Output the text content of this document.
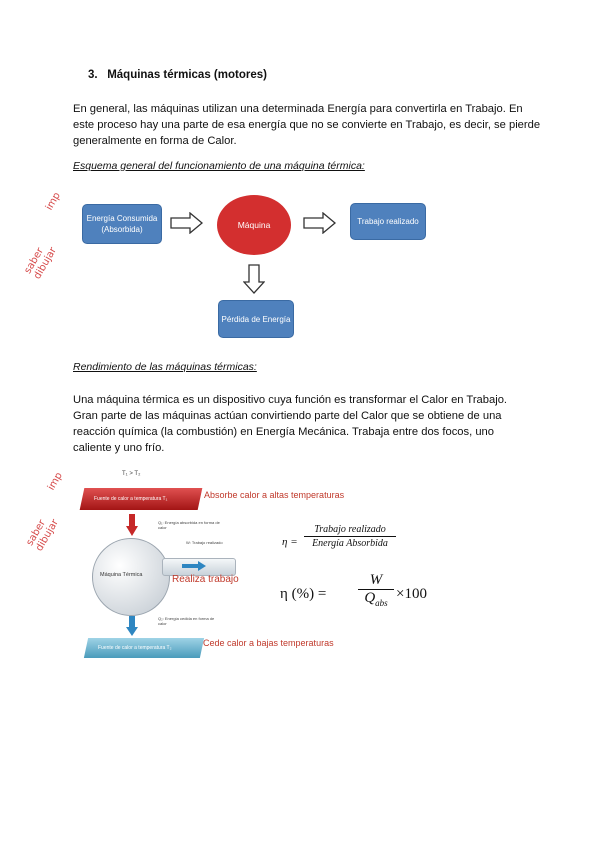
3. Máquinas térmicas (motores)
En general, las máquinas utilizan una determinada Energía para convertirla en Trabajo. En este proceso hay una parte de esa energía que no se convierte en Trabajo, es decir, se pierde generalmente en forma de Calor.
Esquema general del funcionamiento de una máquina térmica:
imp
saber dibujar
Energía Consumida (Absorbida)	Máquina	Trabajo realizado
Pérdida de Energía
Rendimiento de las máquinas térmicas:
Una máquina térmica es un dispositivo cuya función es transformar el Calor en Trabajo. Gran parte de las máquinas actúan convirtiendo parte del Calor que se obtiene de una reacción química (la combustión) en Energía Mecánica. Trabaja entre dos focos, uno caliente y uno frío.
imp
saber dibujar
T₁ > T₂
Fuente de calor a temperatura T₁
Máquina Térmica
Fuente de calor a temperatura T₂
Q₁: Energía absorbida en forma de calor
W: Trabajo realizado
Q₂: Energía cedida en forma de calor
Absorbe calor a altas temperaturas
Realiza trabajo
Cede calor a bajas temperaturas
η =
Trabajo realizado
Energía Absorbida
η (%) =
W
$Q_{abs}$
×100
